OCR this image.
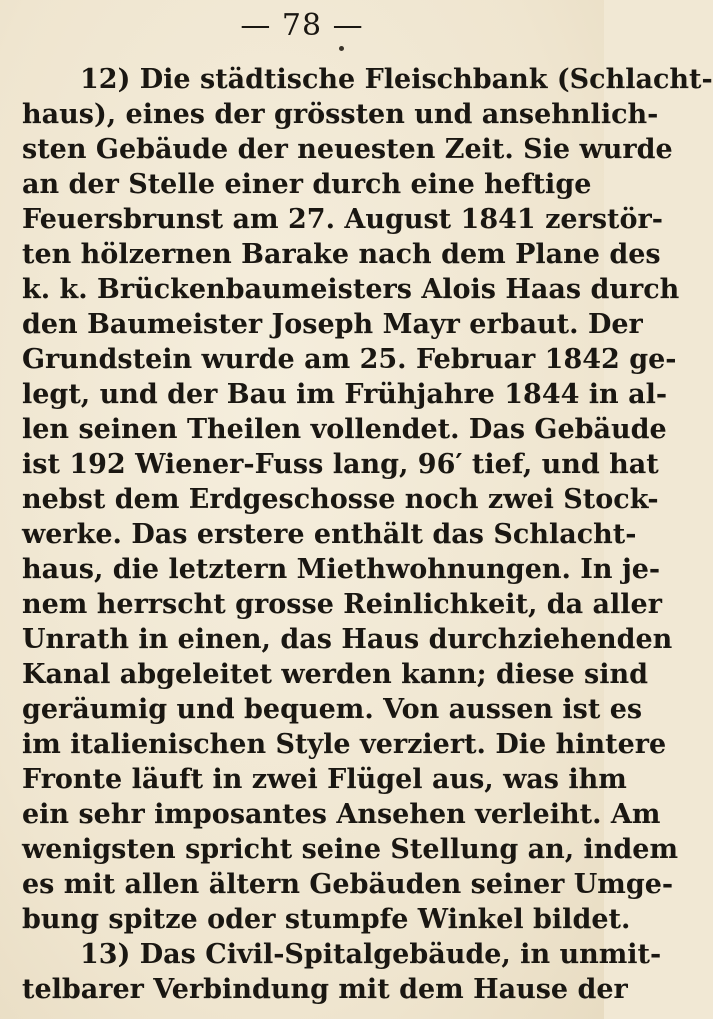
— 78 —
12) Die städtische Fleischbank (Schlacht-
haus), eines der grössten und ansehnlich-
sten Gebäude der neuesten Zeit. Sie wurde
an der Stelle einer durch eine heftige
Feuersbrunst am 27. August 1841 zerstör-
ten hölzernen Barake nach dem Plane des
k. k. Brückenbaumeisters Alois Haas durch
den Baumeister Joseph Mayr erbaut. Der
Grundstein wurde am 25. Februar 1842 ge-
legt, und der Bau im Frühjahre 1844 in al-
len seinen Theilen vollendet. Das Gebäude
ist 192 Wiener-Fuss lang, 96′ tief, und hat
nebst dem Erdgeschosse noch zwei Stock-
werke. Das erstere enthält das Schlacht-
haus, die letztern Miethwohnungen. In je-
nem herrscht grosse Reinlichkeit, da aller
Unrath in einen, das Haus durchziehenden
Kanal abgeleitet werden kann; diese sind
geräumig und bequem. Von aussen ist es
im italienischen Style verziert. Die hintere
Fronte läuft in zwei Flügel aus, was ihm
ein sehr imposantes Ansehen verleiht. Am
wenigsten spricht seine Stellung an, indem
es mit allen ältern Gebäuden seiner Umge-
bung spitze oder stumpfe Winkel bildet.
13) Das Civil-Spitalgebäude, in unmit-
telbarer Verbindung mit dem Hause der
